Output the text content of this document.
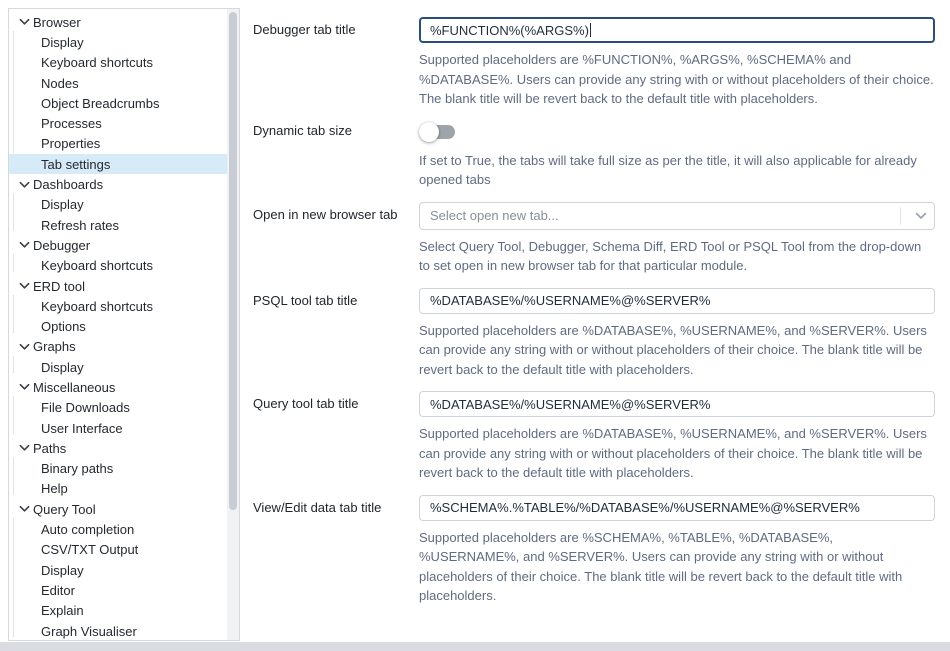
Browser
Display
Keyboard shortcuts
Nodes
Object Breadcrumbs
Processes
Properties
Tab settings
Dashboards
Display
Refresh rates
Debugger
Keyboard shortcuts
ERD tool
Keyboard shortcuts
Options
Graphs
Display
Miscellaneous
File Downloads
User Interface
Paths
Binary paths
Help
Query Tool
Auto completion
CSV/TXT Output
Display
Editor
Explain
Graph Visualiser
Debugger tab title	%FUNCTION%(%ARGS%)
Supported placeholders are %FUNCTION%, %ARGS%, %SCHEMA% and %DATABASE%. Users can provide any string with or without placeholders of their choice. The blank title will be revert back to the default title with placeholders.
Dynamic tab size
If set to True, the tabs will take full size as per the title, it will also applicable for already opened tabs
Open in new browser tab	Select open new tab...
Select Query Tool, Debugger, Schema Diff, ERD Tool or PSQL Tool from the drop-down to set open in new browser tab for that particular module.
PSQL tool tab title	%DATABASE%/%USERNAME%@%SERVER%
Supported placeholders are %DATABASE%, %USERNAME%, and %SERVER%. Users can provide any string with or without placeholders of their choice. The blank title will be revert back to the default title with placeholders.
Query tool tab title	%DATABASE%/%USERNAME%@%SERVER%
Supported placeholders are %DATABASE%, %USERNAME%, and %SERVER%. Users can provide any string with or without placeholders of their choice. The blank title will be revert back to the default title with placeholders.
View/Edit data tab title	%SCHEMA%.%TABLE%/%DATABASE%/%USERNAME%@%SERVER%
Supported placeholders are %SCHEMA%, %TABLE%, %DATABASE%, %USERNAME%, and %SERVER%. Users can provide any string with or without placeholders of their choice. The blank title will be revert back to the default title with placeholders.
